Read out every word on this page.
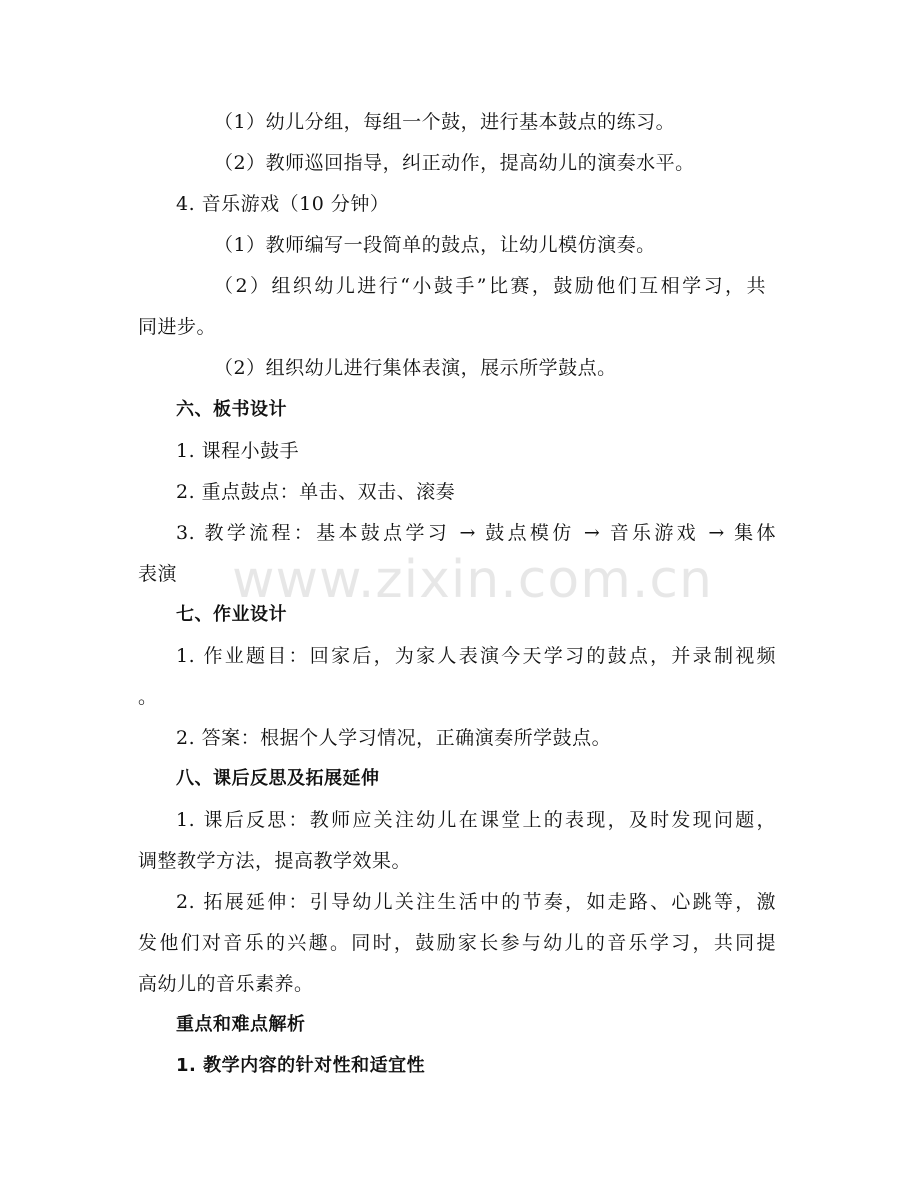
（1）幼儿分组，每组一个鼓，进行基本鼓点的练习。
（2）教师巡回指导，纠正动作，提高幼儿的演奏水平。
4. 音乐游戏（10 分钟）
（1）教师编写一段简单的鼓点，让幼儿模仿演奏。
（2）组织幼儿进行“小鼓手”比赛，鼓励他们互相学习，共
同进步。
（2）组织幼儿进行集体表演，展示所学鼓点。
六、板书设计
1. 课程小鼓手
2. 重点鼓点：单击、双击、滚奏
3. 教学流程：基本鼓点学习 → 鼓点模仿 → 音乐游戏 → 集体
表演
七、作业设计
1. 作业题目：回家后，为家人表演今天学习的鼓点，并录制视频
。
2. 答案：根据个人学习情况，正确演奏所学鼓点。
八、课后反思及拓展延伸
1. 课后反思：教师应关注幼儿在课堂上的表现，及时发现问题，
调整教学方法，提高教学效果。
2. 拓展延伸：引导幼儿关注生活中的节奏，如走路、心跳等，激
发他们对音乐的兴趣。同时，鼓励家长参与幼儿的音乐学习，共同提
高幼儿的音乐素养。
重点和难点解析
1. 教学内容的针对性和适宜性
www.zixin.com.cn
